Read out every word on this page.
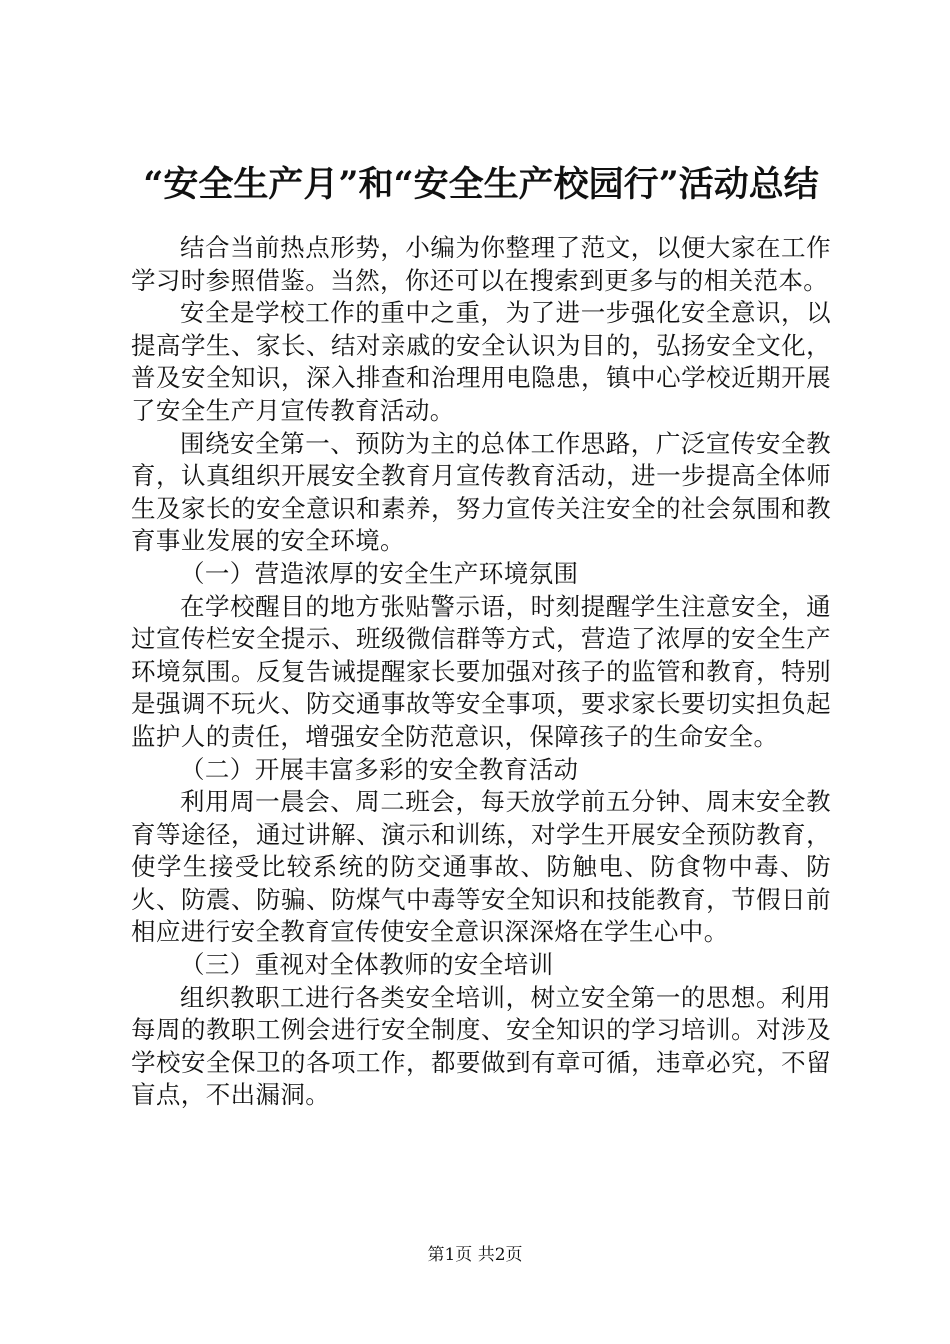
“安全生产月”和“安全生产校园行”活动总结

结合当前热点形势，小编为你整理了范文，以便大家在工作学习时参照借鉴。当然，你还可以在搜索到更多与的相关范本。

安全是学校工作的重中之重，为了进一步强化安全意识，以提高学生、家长、结对亲戚的安全认识为目的，弘扬安全文化，普及安全知识，深入排查和治理用电隐患，镇中心学校近期开展了安全生产月宣传教育活动。

围绕安全第一、预防为主的总体工作思路，广泛宣传安全教育，认真组织开展安全教育月宣传教育活动，进一步提高全体师生及家长的安全意识和素养，努力宣传关注安全的社会氛围和教育事业发展的安全环境。

（一）营造浓厚的安全生产环境氛围

在学校醒目的地方张贴警示语，时刻提醒学生注意安全，通过宣传栏安全提示、班级微信群等方式，营造了浓厚的安全生产环境氛围。反复告诫提醒家长要加强对孩子的监管和教育，特别是强调不玩火、防交通事故等安全事项，要求家长要切实担负起监护人的责任，增强安全防范意识，保障孩子的生命安全。

（二）开展丰富多彩的安全教育活动

利用周一晨会、周二班会，每天放学前五分钟、周末安全教育等途径，通过讲解、演示和训练，对学生开展安全预防教育，使学生接受比较系统的防交通事故、防触电、防食物中毒、防火、防震、防骗、防煤气中毒等安全知识和技能教育，节假日前相应进行安全教育宣传使安全意识深深烙在学生心中。

（三）重视对全体教师的安全培训

组织教职工进行各类安全培训，树立安全第一的思想。利用每周的教职工例会进行安全制度、安全知识的学习培训。对涉及学校安全保卫的各项工作，都要做到有章可循，违章必究，不留盲点，不出漏洞。

第1页 共2页
